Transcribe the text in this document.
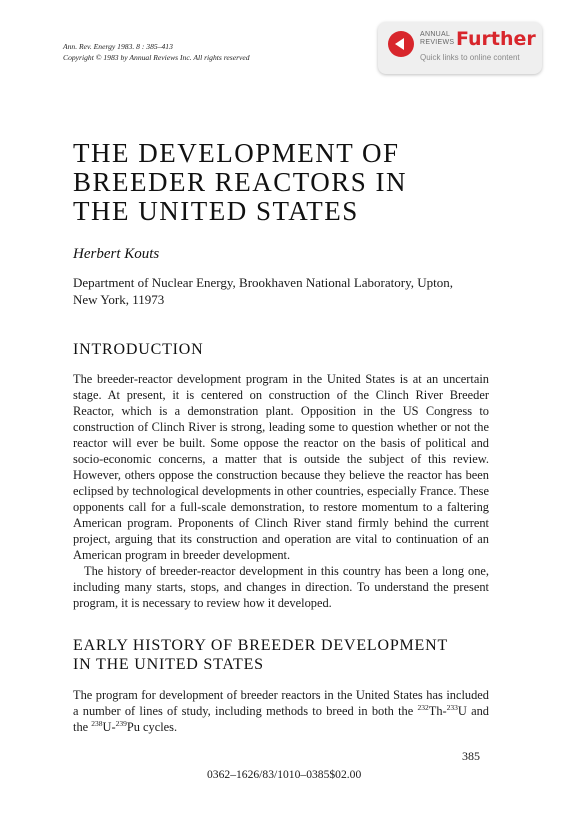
Ann. Rev. Energy 1983. 8 : 385–413
Copyright © 1983 by Annual Reviews Inc. All rights reserved
ANNUAL
REVIEWS Further
Quick links to online content
THE DEVELOPMENT OF
BREEDER REACTORS IN
THE UNITED STATES
Herbert Kouts
Department of Nuclear Energy, Brookhaven National Laboratory, Upton,
New York, 11973
INTRODUCTION

The breeder-reactor development program in the United States is at an uncertain stage. At present, it is centered on construction of the Clinch River Breeder Reactor, which is a demonstration plant. Opposition in the US Congress to construction of Clinch River is strong, leading some to question whether or not the reactor will ever be built. Some oppose the reactor on the basis of political and socio-economic concerns, a matter that is outside the subject of this review. However, others oppose the construction because they believe the reactor has been eclipsed by technological developments in other countries, especially France. These opponents call for a full-scale demonstration, to restore momentum to a faltering American program. Proponents of Clinch River stand firmly behind the current project, arguing that its construction and operation are vital to continuation of an American program in breeder development.

The history of breeder-reactor development in this country has been a long one, including many starts, stops, and changes in direction. To understand the present program, it is necessary to review how it developed.

EARLY HISTORY OF BREEDER DEVELOPMENT
IN THE UNITED STATES

The program for development of breeder reactors in the United States has included a number of lines of study, including methods to breed in both the $^{232}$Th-$^{233}$U and the $^{238}$U-$^{239}$Pu cycles.

385
0362–1626/83/1010–0385$02.00
